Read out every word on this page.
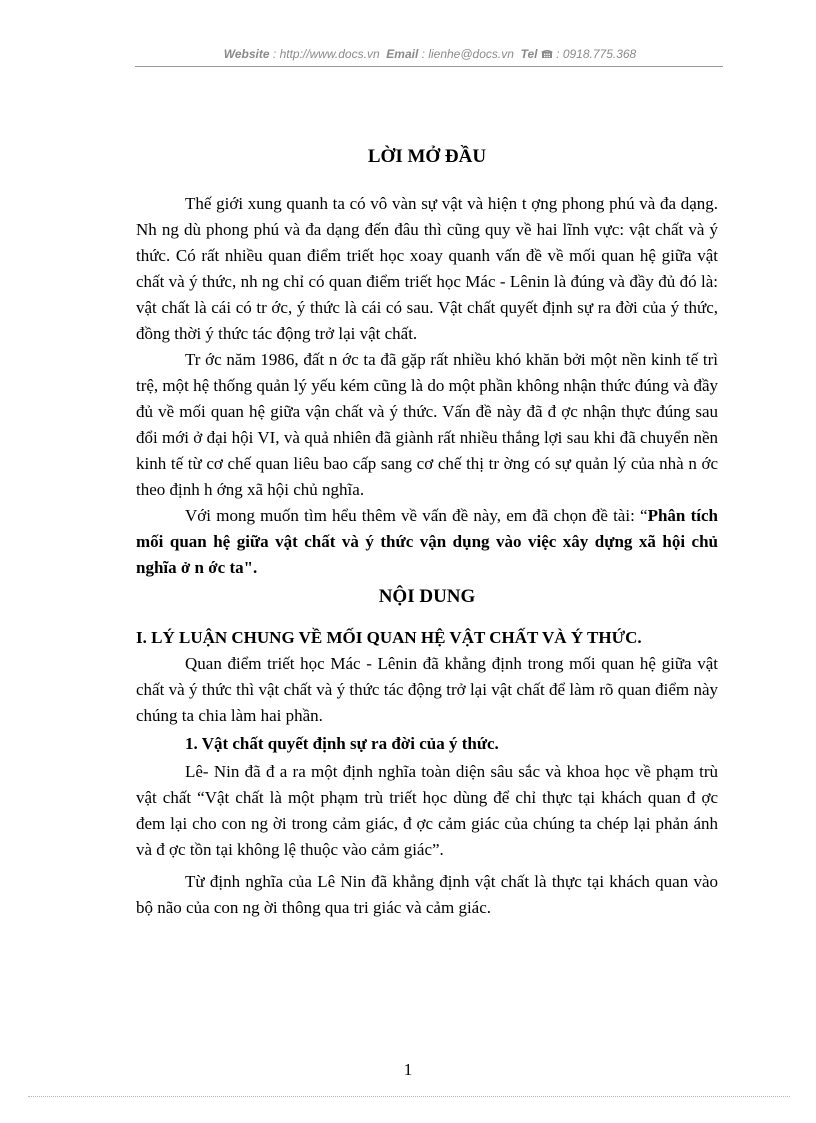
Website : http://www.docs.vn Email : lienhe@docs.vn Tel : 0918.775.368
LỜI MỞ ĐẦU

Thế giới xung quanh ta có vô vàn sự vật và hiện t ợng phong phú và đa dạng. Nh ng dù phong phú và đa dạng đến đâu thì cũng quy về hai lĩnh vực: vật chất và ý thức. Có rất nhiều quan điểm triết học xoay quanh vấn đề về mối quan hệ giữa vật chất và ý thức, nh ng chỉ có quan điểm triết học Mác - Lênin là đúng và đầy đủ đó là: vật chất là cái có tr ớc, ý thức là cái có sau. Vật chất quyết định sự ra đời của ý thức, đồng thời ý thức tác động trở lại vật chất.

Tr ớc năm 1986, đất n ớc ta đã gặp rất nhiều khó khăn bởi một nền kinh tế trì trệ, một hệ thống quản lý yếu kém cũng là do một phần không nhận thức đúng và đầy đủ về mối quan hệ giữa vận chất và ý thức. Vấn đề này đã đ ợc nhận thực đúng sau đổi mới ở đại hội VI, và quả nhiên đã giành rất nhiều thắng lợi sau khi đã chuyển nền kinh tế từ cơ chế quan liêu bao cấp sang cơ chế thị tr ờng có sự quản lý của nhà n ớc theo định h ớng xã hội chủ nghĩa.

Với mong muốn tìm hểu thêm về vấn đề này, em đã chọn đề tài: “Phân tích mối quan hệ giữa vật chất và ý thức vận dụng vào việc xây dựng xã hội chủ nghĩa ở n ớc ta".

NỘI DUNG
I. LÝ LUẬN CHUNG VỀ MỐI QUAN HỆ VẬT CHẤT VÀ Ý THỨC.

Quan điểm triết học Mác - Lênin đã khẳng định trong mối quan hệ giữa vật chất và ý thức thì vật chất và ý thức tác động trở lại vật chất để làm rõ quan điểm này chúng ta chia làm hai phần.

1. Vật chất quyết định sự ra đời của ý thức.

Lê- Nin đã đ a ra một định nghĩa toàn diện sâu sắc và khoa học về phạm trù vật chất “Vật chất là một phạm trù triết học dùng để chỉ thực tại khách quan đ ợc đem lại cho con ng ời trong cảm giác, đ ợc cảm giác của chúng ta chép lại phản ánh và đ ợc tồn tại không lệ thuộc vào cảm giác”.

Từ định nghĩa của Lê Nin đã khẳng định vật chất là thực tại khách quan vào bộ não của con ng ời thông qua tri giác và cảm giác.

1
